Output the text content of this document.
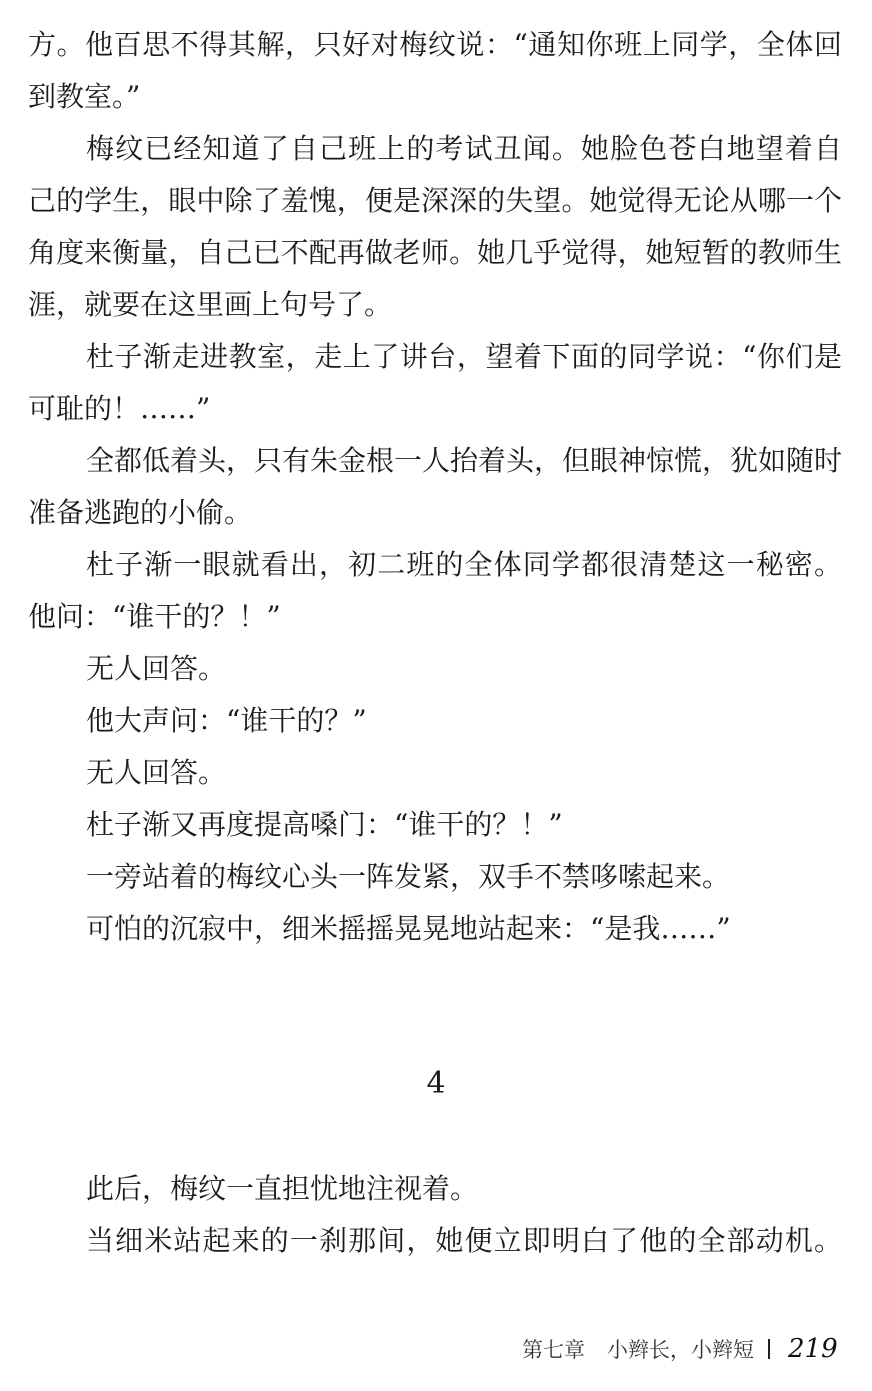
方。他百思不得其解，只好对梅纹说：“通知你班上同学，全体回
到教室。”
梅纹已经知道了自己班上的考试丑闻。她脸色苍白地望着自
己的学生，眼中除了羞愧，便是深深的失望。她觉得无论从哪一个
角度来衡量，自己已不配再做老师。她几乎觉得，她短暂的教师生
涯，就要在这里画上句号了。
杜子渐走进教室，走上了讲台，望着下面的同学说：“你们是
可耻的！……”
全都低着头，只有朱金根一人抬着头，但眼神惊慌，犹如随时
准备逃跑的小偷。
杜子渐一眼就看出，初二班的全体同学都很清楚这一秘密。
他问：“谁干的？！”
无人回答。
他大声问：“谁干的？”
无人回答。
杜子渐又再度提高嗓门：“谁干的？！”
一旁站着的梅纹心头一阵发紧，双手不禁哆嗦起来。
可怕的沉寂中，细米摇摇晃晃地站起来：“是我……”
4
此后，梅纹一直担忧地注视着。
当细米站起来的一刹那间，她便立即明白了他的全部动机。
第七章 小辫长，小辫短 219
